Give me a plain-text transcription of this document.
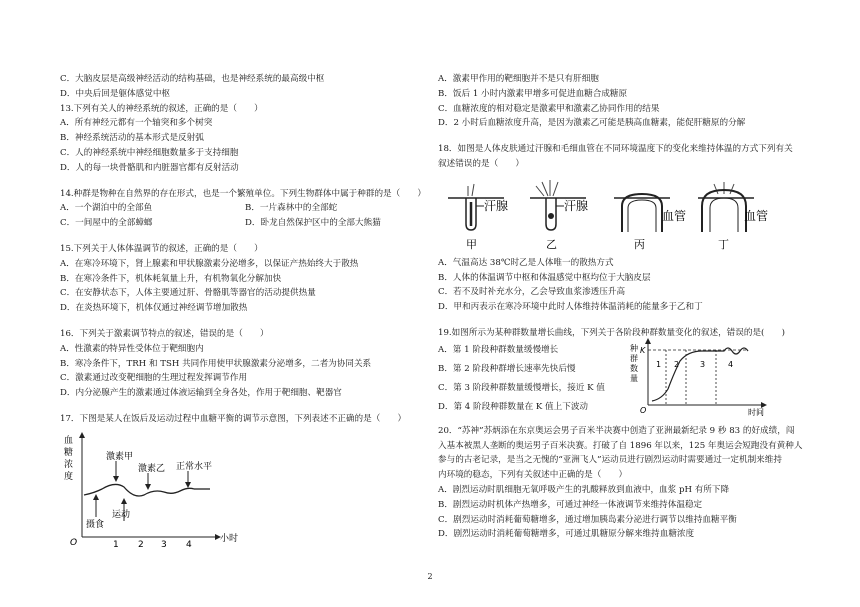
C．大脑皮层是高级神经活动的结构基础，也是神经系统的最高级中枢

D．中央后回是躯体感觉中枢

13.下列有关人的神经系统的叙述，正确的是（　　）

A．所有神经元都有一个轴突和多个树突

B．神经系统活动的基本形式是反射弧

C．人的神经系统中神经细胞数量多于支持细胞

D．人的每一块骨骼肌和内脏器官都有反射活动

14.种群是物种在自然界的存在形式，也是一个繁殖单位。下列生物群体中属于种群的是（　　）

A．一个湖泊中的全部鱼	B．一片森林中的全部蛇

C．一间屋中的全部蟑螂	D．卧龙自然保护区中的全部大熊猫

15.下列关于人体体温调节的叙述，正确的是（　　）

A．在寒冷环境下，肾上腺素和甲状腺激素分泌增多，以保证产热始终大于散热

B．在寒冷条件下，机体耗氧量上升，有机物氧化分解加快

C．在安静状态下，人体主要通过肝、骨骼肌等器官的活动提供热量

D．在炎热环境下，机体仅通过神经调节增加散热

16．下列关于激素调节特点的叙述，错误的是（　　）

A．性激素的特异性受体位于靶细胞内

B．寒冷条件下，TRH 和 TSH 共同作用使甲状腺激素分泌增多，二者为协同关系

C．激素通过改变靶细胞的生理过程发挥调节作用

D．内分泌腺产生的激素通过体液运输到全身各处，作用于靶细胞、靶器官

17．下图是某人在饭后及运动过程中血糖平衡的调节示意图，下列表述不正确的是（　　）

血
糖
浓
度
O	1 2 3 4
小时
激素甲
激素乙 正常水平
运动
摄食

A．激素甲作用的靶细胞并不是只有肝细胞

B．饭后 1 小时内激素甲增多可促进血糖合成糖原

C．血糖浓度的相对稳定是激素甲和激素乙协同作用的结果

D．2 小时后血糖浓度升高，是因为激素乙可能是胰高血糖素，能促肝糖原的分解

18．如图是人体皮肤通过汗腺和毛细血管在不同环境温度下的变化来维持体温的方式下列有关

叙述错误的是（　　）

汗腺
甲
汗腺
乙
血管
丙
血管
丁

A．气温高达 38℃时乙是人体唯一的散热方式

B．人体的体温调节中枢和体温感觉中枢均位于大脑皮层

C．若不及时补充水分，乙会导致血浆渗透压升高

D．甲和丙表示在寒冷环境中此时人体维持体温消耗的能量多于乙和丁

19.如图所示为某种群数量增长曲线，下列关于各阶段种群数量变化的叙述，错误的是(　　)

A．第 1 阶段种群数量缓慢增长

B．第 2 阶段种群增长速率先快后慢

C．第 3 阶段种群数量缓慢增长，接近 K 值

D．第 4 阶段种群数量在 K 值上下波动

种
群
数
量
K
1 2	3	4
O	时间

20．“苏神”苏炳添在东京奥运会男子百米半决赛中创造了亚洲最新纪录 9 秒 83 的好成绩，闯

入基本被黑人垄断的奥运男子百米决赛。打破了自 1896 年以来，125 年奥运会短跑没有黄种人

参与的古老记录，是当之无愧的“亚洲飞人”运动员进行剧烈运动时需要通过一定机制来维持

内环境的稳态，下列有关叙述中正确的是（　　）

A．剧烈运动时肌细胞无氧呼吸产生的乳酸释放到血液中，血浆 pH 有所下降

B．剧烈运动时机体产热增多，可通过神经一体液调节来维持体温稳定

C．剧烈运动时消耗葡萄糖增多，通过增加胰岛素分泌进行调节以维持血糖平衡

D．剧烈运动时消耗葡萄糖增多，可通过肌糖原分解来维持血糖浓度

2
